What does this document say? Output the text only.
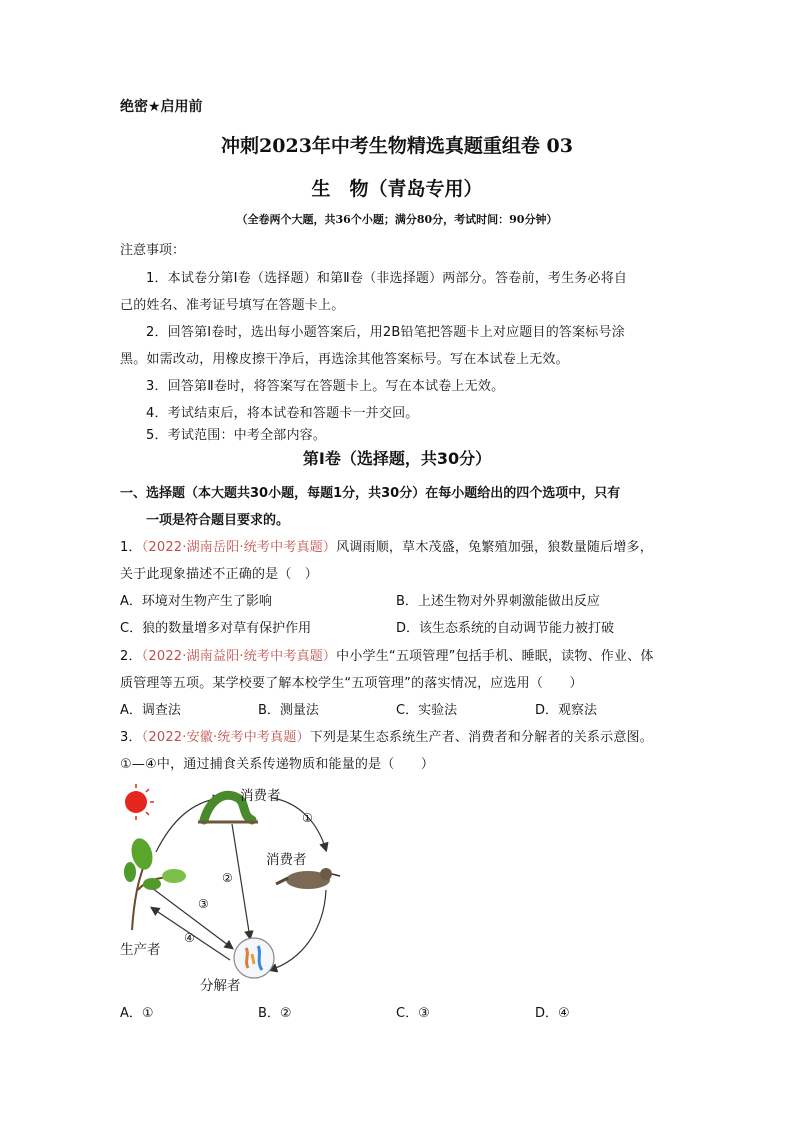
绝密★启用前
冲刺2023年中考生物精选真题重组卷 03
生　物（青岛专用）
（全卷两个大题，共36个小题；满分80分，考试时间：90分钟）
注意事项：
1．本试卷分第Ⅰ卷（选择题）和第Ⅱ卷（非选择题）两部分。答卷前，考生务必将自
己的姓名、准考证号填写在答题卡上。
2．回答第Ⅰ卷时，选出每小题答案后，用2B铅笔把答题卡上对应题目的答案标号涂
黑。如需改动，用橡皮擦干净后，再选涂其他答案标号。写在本试卷上无效。
3．回答第Ⅱ卷时，将答案写在答题卡上。写在本试卷上无效。
4．考试结束后，将本试卷和答题卡一并交回。
5．考试范围：中考全部内容。
第Ⅰ卷（选择题，共30分）
一、选择题（本大题共30小题，每题1分，共30分）在每小题给出的四个选项中，只有
一项是符合题目要求的。
1．（2022·湖南岳阳·统考中考真题）风调雨顺，草木茂盛，兔繁殖加强，狼数量随后增多，
关于此现象描述不正确的是（　）
A．环境对生物产生了影响	B．上述生物对外界刺激能做出反应
C．狼的数量增多对草有保护作用	D．该生态系统的自动调节能力被打破
2．（2022·湖南益阳·统考中考真题）中小学生“五项管理”包括手机、睡眠，读物、作业、体
质管理等五项。某学校要了解本校学生“五项管理”的落实情况，应选用（　　）
A．调查法	B．测量法	C．实验法	D．观察法
3．（2022·安徽·统考中考真题）下列是某生态系统生产者、消费者和分解者的关系示意图。
①—④中，通过捕食关系传递物质和能量的是（　　）
①
②
③
④
消费者
消费者
生产者
分解者
A．①	B．②	C．③	D．④
